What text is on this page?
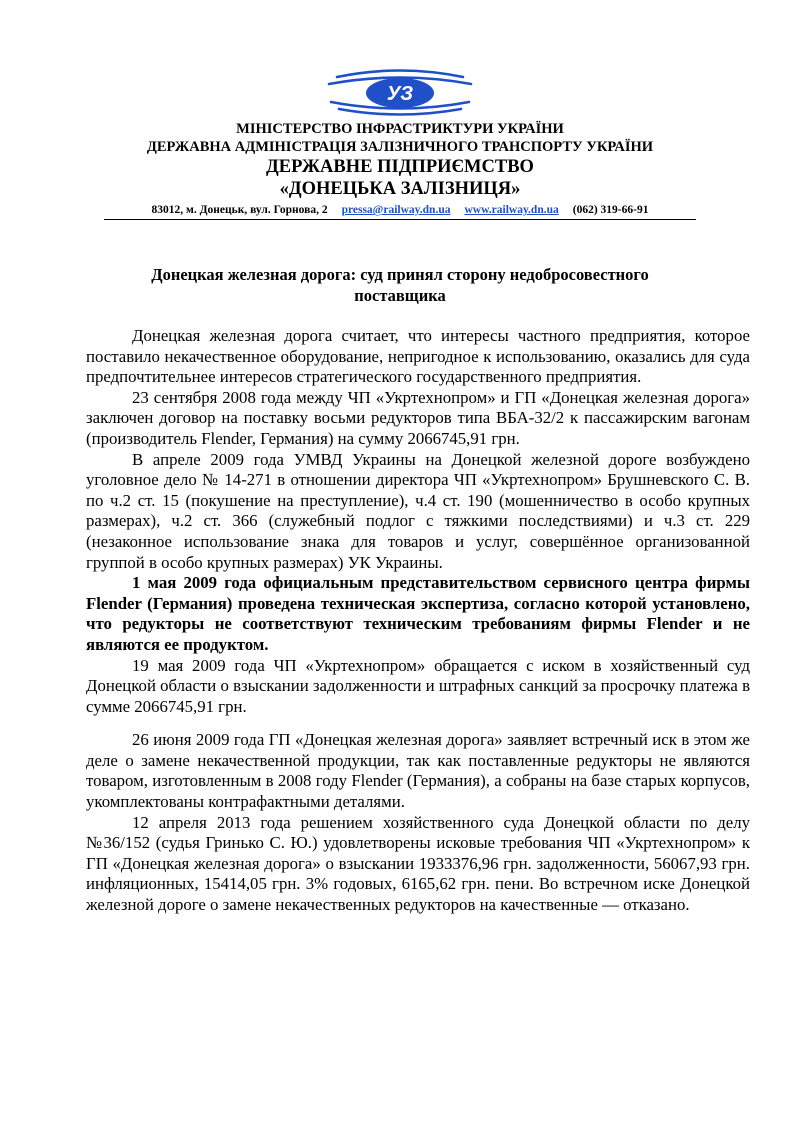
УЗ
МІНІСТЕРСТВО ІНФРАСТРИКТУРИ УКРАЇНИ
ДЕРЖАВНА АДМІНІСТРАЦІЯ ЗАЛІЗНИЧНОГО ТРАНСПОРТУ УКРАЇНИ
ДЕРЖАВНЕ ПІДПРИЄМСТВО
«ДОНЕЦЬКА ЗАЛІЗНИЦЯ»
83012, м. Донецьк, вул. Горнова, 2 pressa@railway.dn.ua www.railway.dn.ua (062) 319-66-91
Донецкая железная дорога: суд принял сторону недобросовестного поставщика

Донецкая железная дорога считает, что интересы частного предприятия, которое поставило некачественное оборудование, непригодное к использованию, оказались для суда предпочтительнее интересов стратегического государственного предприятия.

23 сентября 2008 года между ЧП «Укртехнопром» и ГП «Донецкая железная дорога» заключен договор на поставку восьми редукторов типа ВБА-32/2 к пассажирским вагонам (производитель Flender, Германия) на сумму 2066745,91 грн.

В апреле 2009 года УМВД Украины на Донецкой железной дороге возбуждено уголовное дело № 14-271 в отношении директора ЧП «Укртехнопром» Брушневского С. В. по ч.2 ст. 15 (покушение на преступление), ч.4 ст. 190 (мошенничество в особо крупных размерах), ч.2 ст. 366 (служебный подлог с тяжкими последствиями) и ч.3 ст. 229 (незаконное использование знака для товаров и услуг, совершённое организованной группой в особо крупных размерах) УК Украины.

1 мая 2009 года официальным представительством сервисного центра фирмы Flender (Германия) проведена техническая экспертиза, согласно которой установлено, что редукторы не соответствуют техническим требованиям фирмы Flender и не являются ее продуктом.

19 мая 2009 года ЧП «Укртехнопром» обращается с иском в хозяйственный суд Донецкой области о взыскании задолженности и штрафных санкций за просрочку платежа в сумме 2066745,91 грн.

26 июня 2009 года ГП «Донецкая железная дорога» заявляет встречный иск в этом же деле о замене некачественной продукции, так как поставленные редукторы не являются товаром, изготовленным в 2008 году Flender (Германия), а собраны на базе старых корпусов, укомплектованы контрафактными деталями.

12 апреля 2013 года решением хозяйственного суда Донецкой области по делу №36/152 (судья Гринько С. Ю.) удовлетворены исковые требования ЧП «Укртехнопром» к ГП «Донецкая железная дорога» о взыскании 1933376,96 грн. задолженности, 56067,93 грн. инфляционных, 15414,05 грн. 3% годовых, 6165,62 грн. пени. Во встречном иске Донецкой железной дороге о замене некачественных редукторов на качественные — отказано.
